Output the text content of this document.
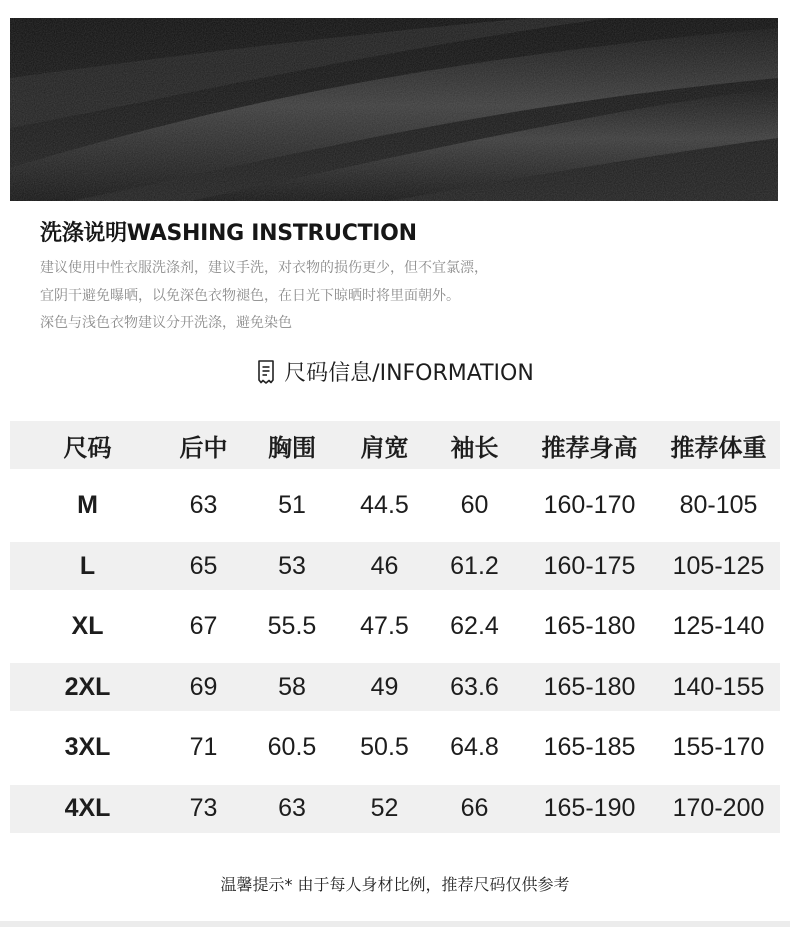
洗涤说明WASHING INSTRUCTION
建议使用中性衣服洗涤剂，建议手洗，对衣物的损伤更少，但不宜氯漂，
宜阴干避免曝晒，以免深色衣物褪色，在日光下晾晒时将里面朝外。
深色与浅色衣物建议分开洗涤，避免染色
尺码信息/INFORMATION
尺码	后中	胸围	肩宽	袖长	推荐身高	推荐体重
M	63	51	44.5	60	160-170	80-105
L	65	53	46	61.2	160-175	105-125
XL	67	55.5	47.5	62.4	165-180	125-140
2XL	69	58	49	63.6	165-180	140-155
3XL	71	60.5	50.5	64.8	165-185	155-170
4XL	73	63	52	66	165-190	170-200
温馨提示* 由于每人身材比例，推荐尺码仅供参考
